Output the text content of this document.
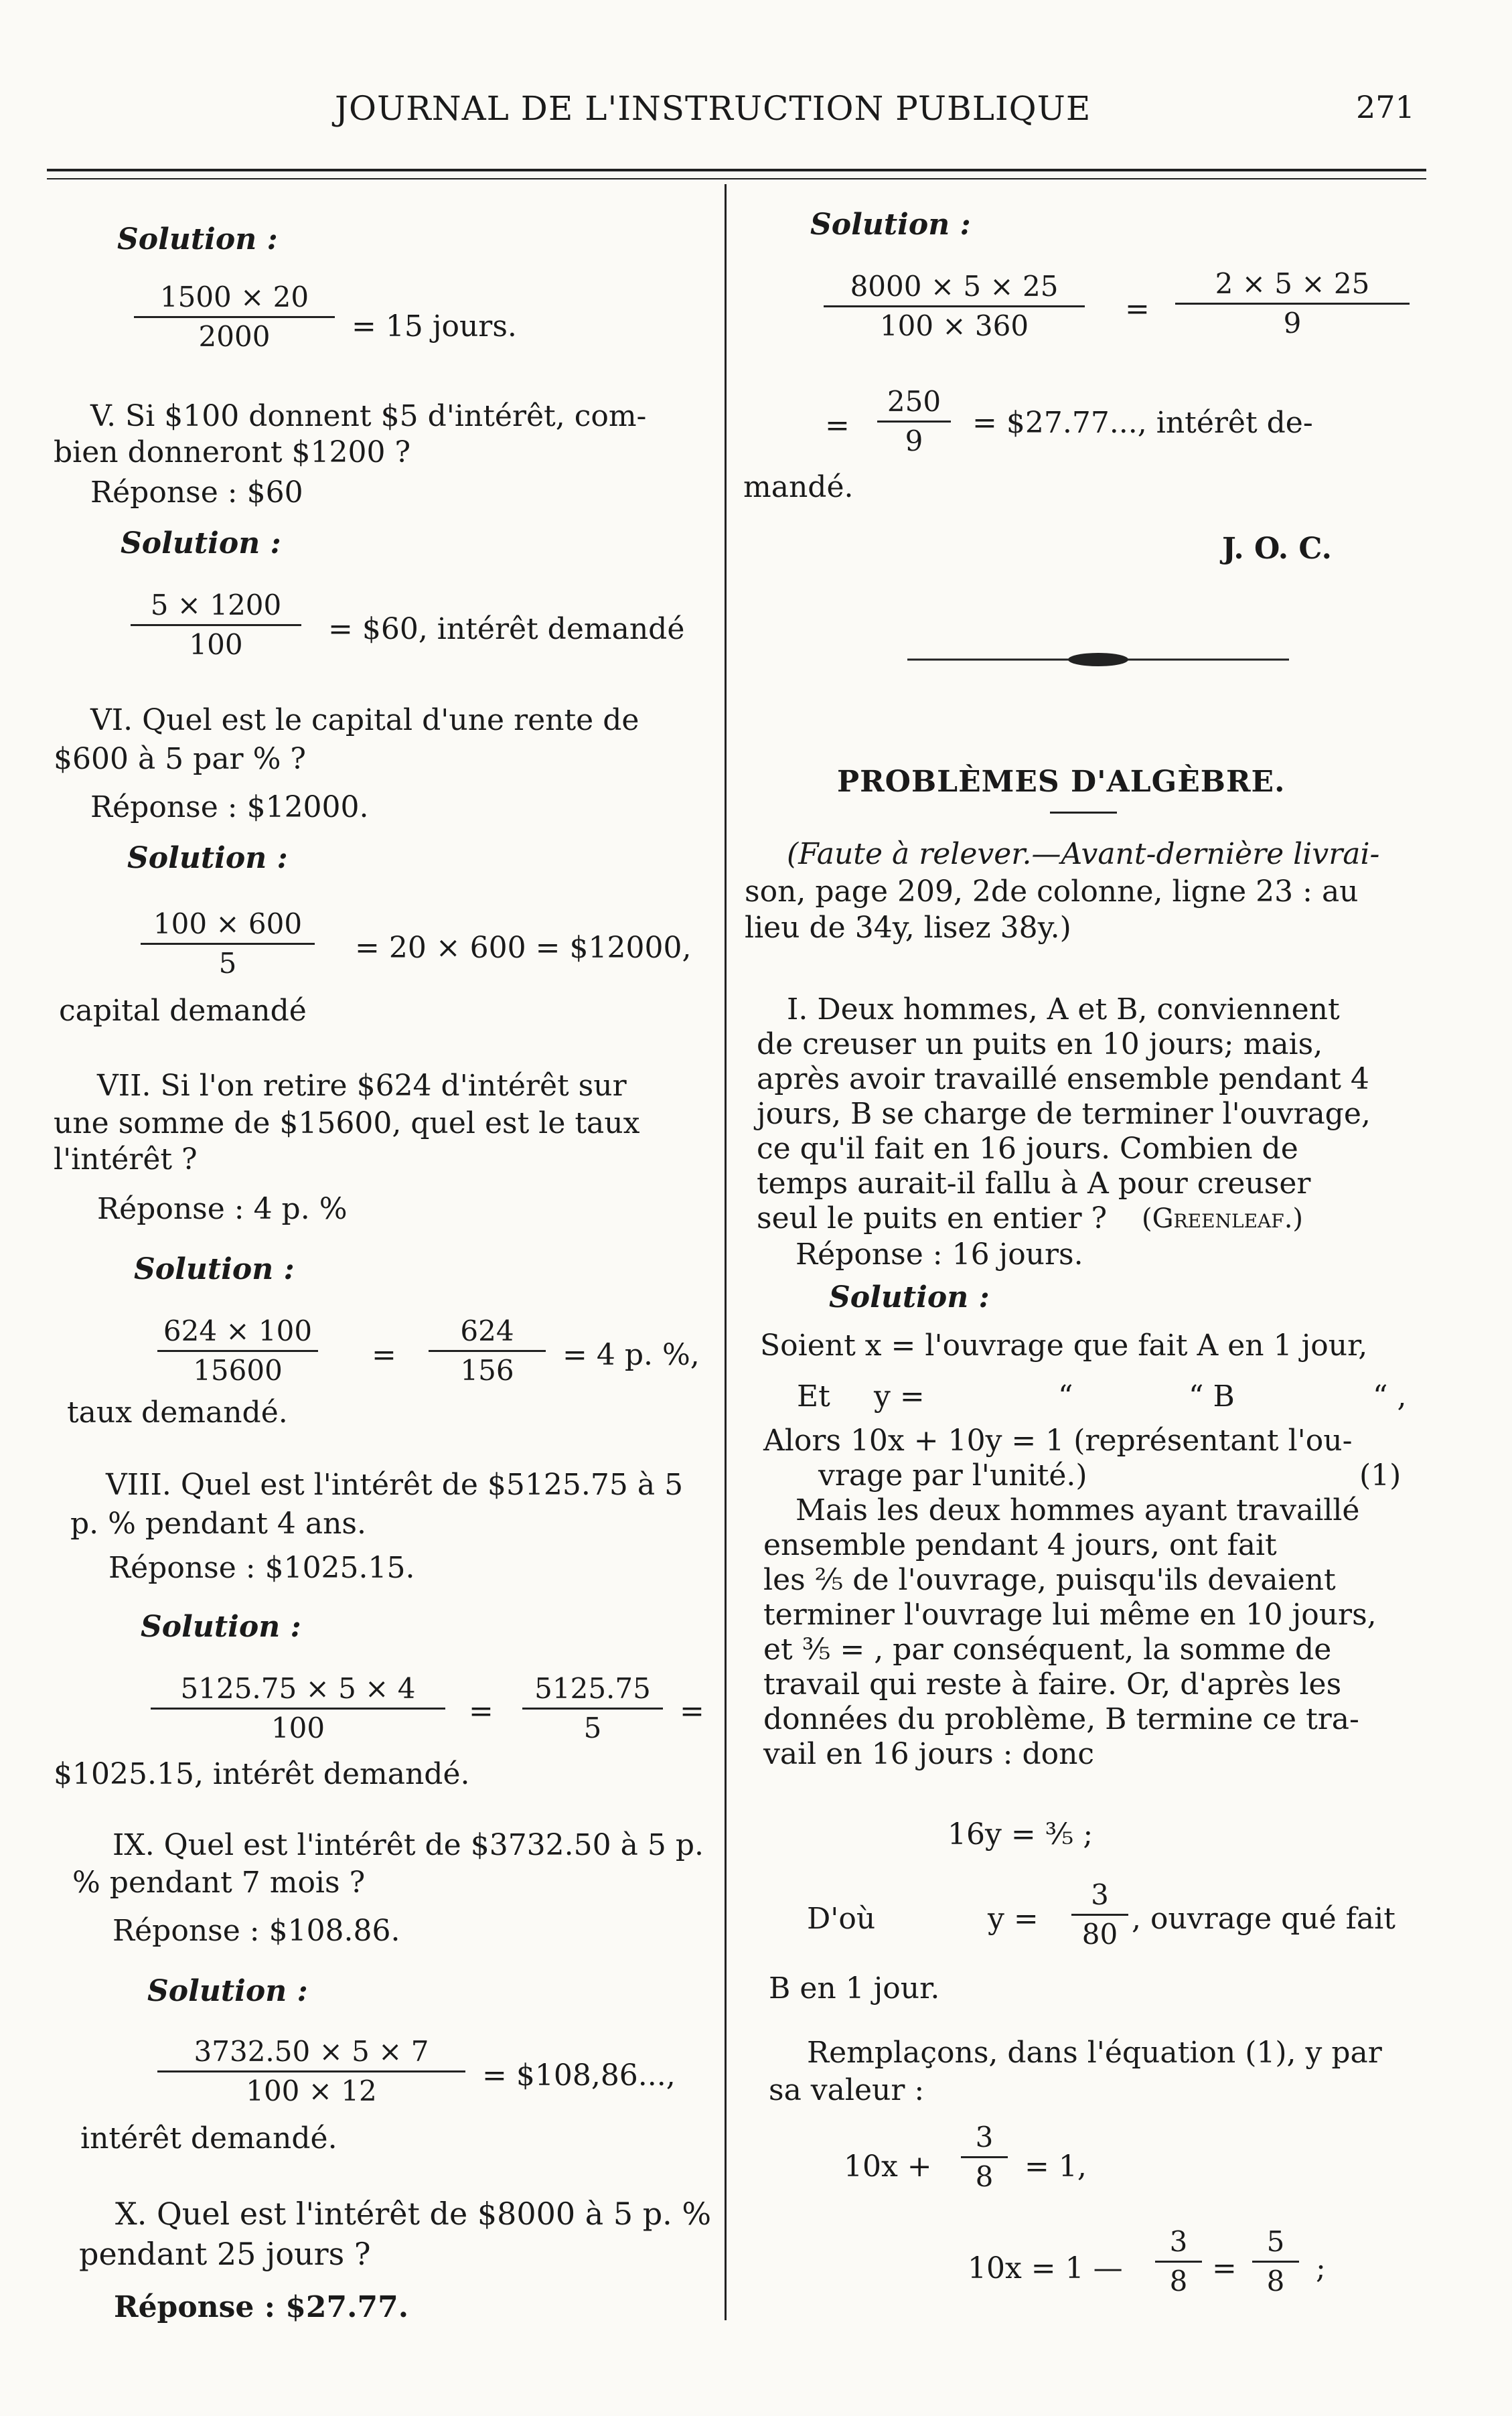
JOURNAL DE L'INSTRUCTION PUBLIQUE	271
Solution :
1500 × 20
2000	= 15 jours.
V. Si $100 donnent $5 d'intérêt, com-
bien donneront $1200 ?
Réponse : $60
Solution :
5 × 1200
100	= $60, intérêt demandé
VI. Quel est le capital d'une rente de
$600 à 5 par % ?
Réponse : $12000.
Solution :
100 × 600
5	= 20 × 600 = $12000,
capital demandé
VII. Si l'on retire $624 d'intérêt sur
une somme de $15600, quel est le taux
l'intérêt ?
Réponse : 4 p. %
Solution :
624 × 100
15600	=
624
156 = 4 p. %,
taux demandé.
VIII. Quel est l'intérêt de $5125.75 à 5
p. % pendant 4 ans.
Réponse : $1025.15.
Solution :
5125.75 × 5 × 4
100	=
5125.75
5	=
$1025.15, intérêt demandé.
IX. Quel est l'intérêt de $3732.50 à 5 p.
% pendant 7 mois ?
Réponse : $108.86.
Solution :
3732.50 × 5 × 7
100 × 12	= $108,86...,
intérêt demandé.
X. Quel est l'intérêt de $8000 à 5 p. %
pendant 25 jours ?
Réponse : $27.77.
Solution :
8000 × 5 × 25
100 × 360	=
2 × 5 × 25
9
=
250
9
= $27.77..., intérêt de-
mandé.
J. O. C.
PROBLÈMES D'ALGÈBRE.
(Faute à relever.—Avant-dernière livrai-
son, page 209, 2de colonne, ligne 23 : au
lieu de 34y, lisez 38y.)
I. Deux hommes, A et B, conviennent
de creuser un puits en 10 jours; mais,
après avoir travaillé ensemble pendant 4
jours, B se charge de terminer l'ouvrage,
ce qu'il fait en 16 jours. Combien de
temps aurait-il fallu à A pour creuser
seul le puits en entier ? (Greenleaf.)
Réponse : 16 jours.
Solution :
Soient x = l'ouvrage que fait A en 1 jour,
Et y =	“	“ B	“ ,
Alors 10x + 10y = 1 (représentant l'ou-
vrage par l'unité.)	(1)
Mais les deux hommes ayant travaillé
ensemble pendant 4 jours, ont fait
les ⅖ de l'ouvrage, puisqu'ils devaient
terminer l'ouvrage lui même en 10 jours,
et ⅗ = , par conséquent, la somme de
travail qui reste à faire. Or, d'après les
données du problème, B termine ce tra-
vail en 16 jours : donc
16y = ⅗ ;
D'où	y =
3
80 , ouvrage qué fait
B en 1 jour.
Remplaçons, dans l'équation (1), y par
sa valeur :
10x +
3
8 = 1,
10x = 1 —
3
8 =
5
8 ;
